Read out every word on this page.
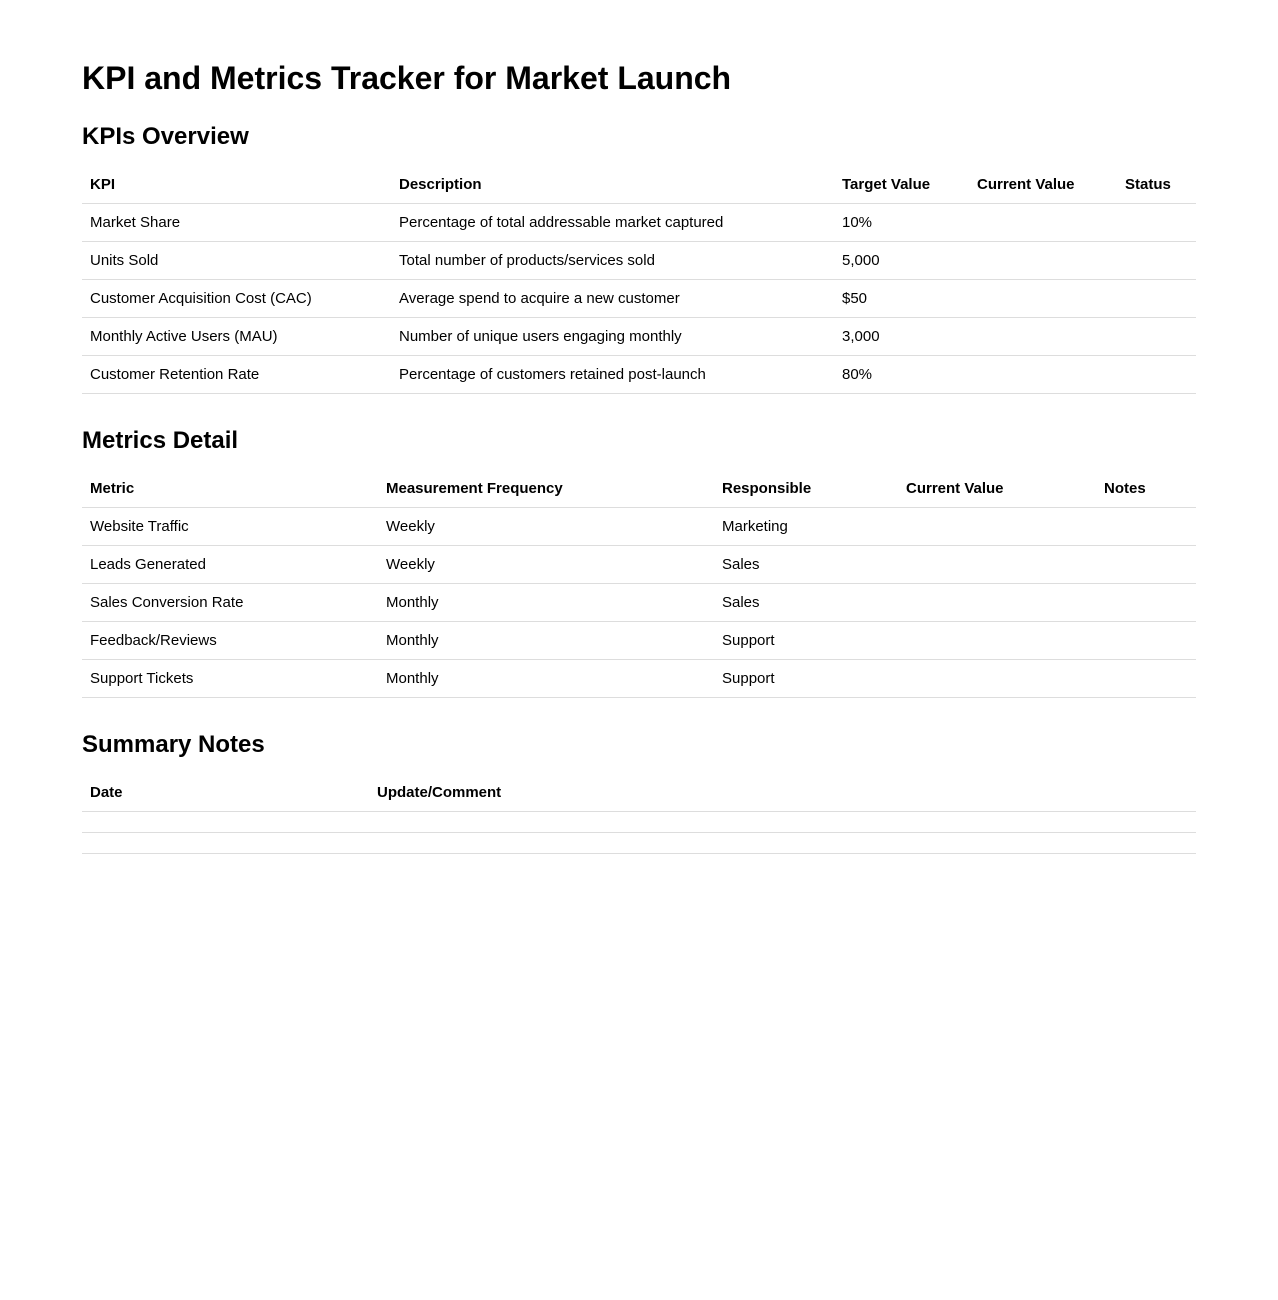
KPI and Metrics Tracker for Market Launch
KPIs Overview
KPI	Description	Target Value	Current Value	Status
Market Share	Percentage of total addressable market captured	10%		
Units Sold	Total number of products/services sold	5,000		
Customer Acquisition Cost (CAC)	Average spend to acquire a new customer	$50		
Monthly Active Users (MAU)	Number of unique users engaging monthly	3,000		
Customer Retention Rate	Percentage of customers retained post-launch	80%		
Metrics Detail
Metric	Measurement Frequency	Responsible	Current Value	Notes
Website Traffic	Weekly	Marketing		
Leads Generated	Weekly	Sales		
Sales Conversion Rate	Monthly	Sales		
Feedback/Reviews	Monthly	Support		
Support Tickets	Monthly	Support		
Summary Notes
Date	Update/Comment
